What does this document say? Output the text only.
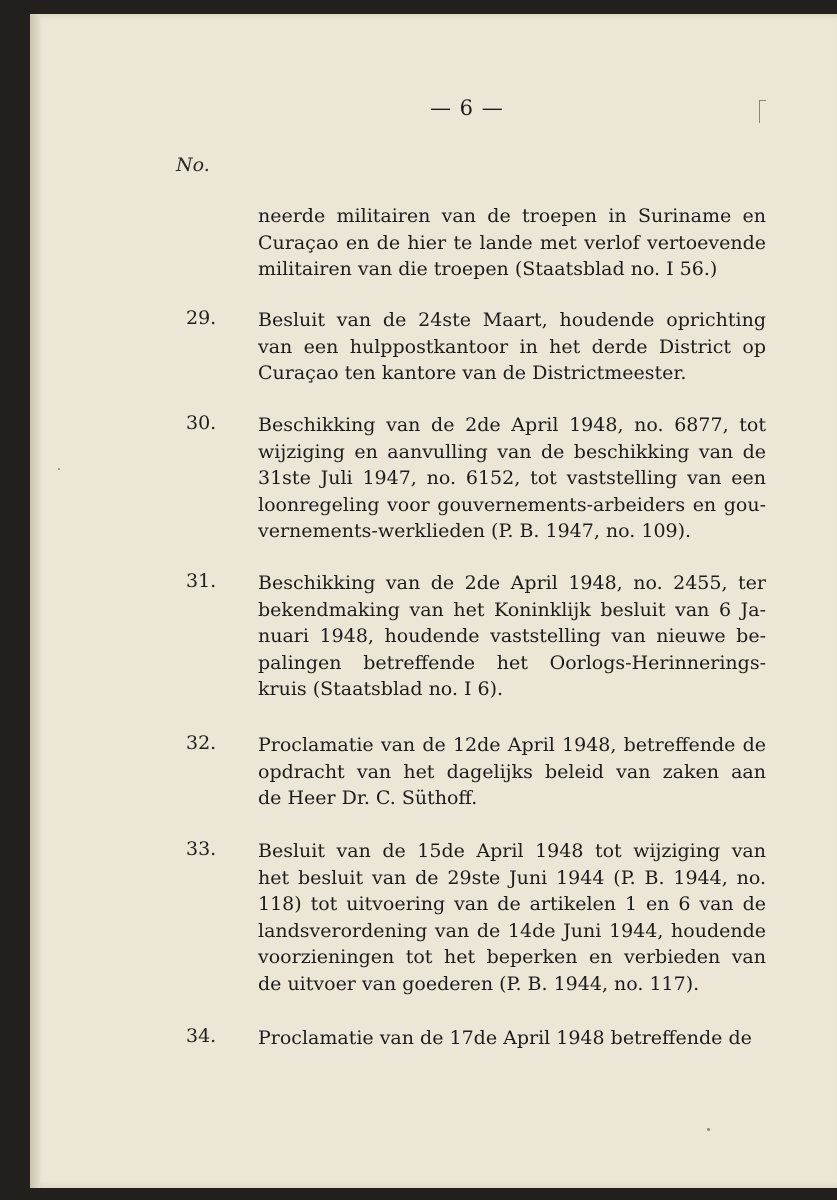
— 6 —
No.
neerde militairen van de troepen in Suriname en
Curaçao en de hier te lande met verlof vertoevende
militairen van die troepen (Staatsblad no. I 56.)
29. Besluit van de 24ste Maart, houdende oprichting
van een hulppostkantoor in het derde District op
Curaçao ten kantore van de Districtmeester.
30. Beschikking van de 2de April 1948, no. 6877, tot
wijziging en aanvulling van de beschikking van de
31ste Juli 1947, no. 6152, tot vaststelling van een
loonregeling voor gouvernements-arbeiders en gou-
vernements-werklieden (P. B. 1947, no. 109).
31. Beschikking van de 2de April 1948, no. 2455, ter
bekendmaking van het Koninklijk besluit van 6 Ja-
nuari 1948, houdende vaststelling van nieuwe be-
palingen betreffende het Oorlogs-Herinnerings-
kruis (Staatsblad no. I 6).
32. Proclamatie van de 12de April 1948, betreffende de
opdracht van het dagelijks beleid van zaken aan
de Heer Dr. C. Süthoff.
33. Besluit van de 15de April 1948 tot wijziging van
het besluit van de 29ste Juni 1944 (P. B. 1944, no.
118) tot uitvoering van de artikelen 1 en 6 van de
landsverordening van de 14de Juni 1944, houdende
voorzieningen tot het beperken en verbieden van
de uitvoer van goederen (P. B. 1944, no. 117).
34. Proclamatie van de 17de April 1948 betreffende de
